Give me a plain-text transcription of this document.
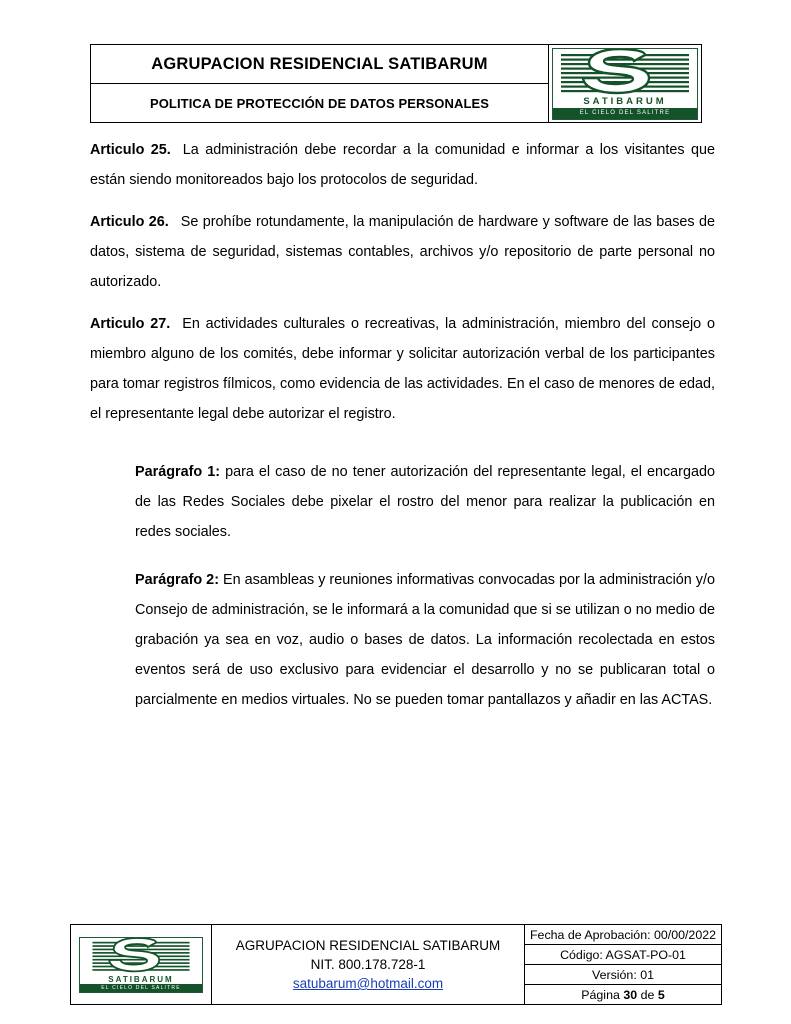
AGRUPACION RESIDENCIAL SATIBARUM

SATIBARUM
EL CIELO DEL SALITRE

POLITICA DE PROTECCIÓN DE DATOS PERSONALES

Articulo 25. La administración debe recordar a la comunidad e informar a los visitantes que están siendo monitoreados bajo los protocolos de seguridad.

Articulo 26. Se prohíbe rotundamente, la manipulación de hardware y software de las bases de datos, sistema de seguridad, sistemas contables, archivos y/o repositorio de parte personal no autorizado.

Articulo 27. En actividades culturales o recreativas, la administración, miembro del consejo o miembro alguno de los comités, debe informar y solicitar autorización verbal de los participantes para tomar registros fílmicos, como evidencia de las actividades. En el caso de menores de edad, el representante legal debe autorizar el registro.

Parágrafo 1: para el caso de no tener autorización del representante legal, el encargado de las Redes Sociales debe pixelar el rostro del menor para realizar la publicación en redes sociales.

Parágrafo 2: En asambleas y reuniones informativas convocadas por la administración y/o Consejo de administración, se le informará a la comunidad que si se utilizan o no medio de grabación ya sea en voz, audio o bases de datos. La información recolectada en estos eventos será de uso exclusivo para evidenciar el desarrollo y no se publicaran total o parcialmente en medios virtuales. No se pueden tomar pantallazos y añadir en las ACTAS.

SATIBARUM
EL CIELO DEL SALITRE

AGRUPACION RESIDENCIAL SATIBARUM
NIT. 800.178.728-1
satubarum@hotmail.com	
Fecha de Aprobación: 00/00/2022
Código: AGSAT-PO-01
Versión: 01
Página 30 de 5
